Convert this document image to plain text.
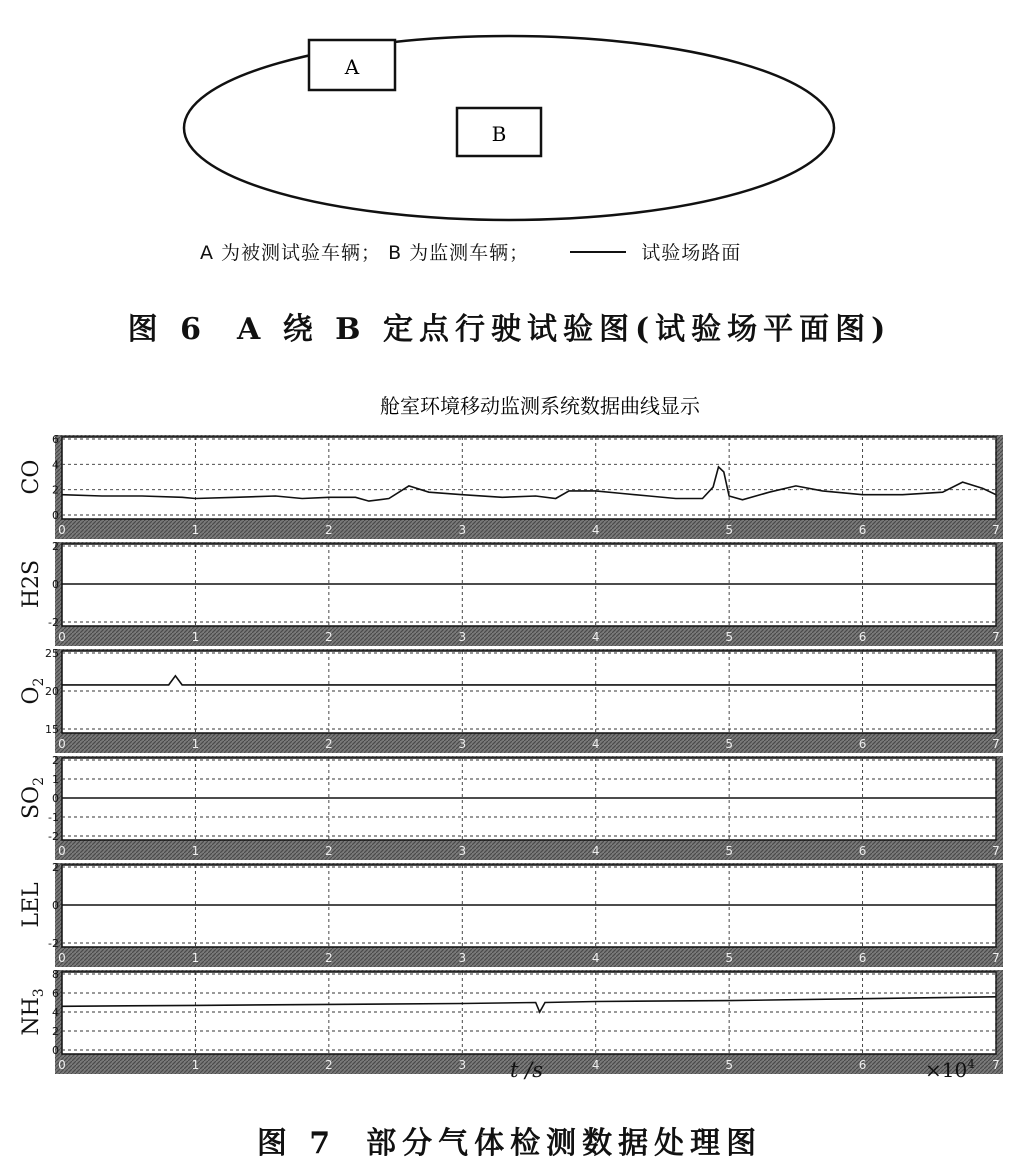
A
B
A 为被测试验车辆； B 为监测车辆；	试验场路面
图 6 A 绕 B 定点行驶试验图(试验场平面图)
舱室环境移动监测系统数据曲线显示
0	1	2	3	4	5	6	7
0
2
4
6
CO
0	1	2	3	4	5	6	7
-2
0
2
H2S
0	1	2	3	4	5	6	7
15
20
25
$O_2$
0	1	2	3	4	5	6	7
-2
-1
0
1
2
$SO_2$
0	1	2	3	4	5	6	7
-2
0
2
LEL
0	1	2	3	4	5	6	7
0
2
4
6
8
$NH_3$
t /s	$\times 10^4$
图 7 部分气体检测数据处理图
